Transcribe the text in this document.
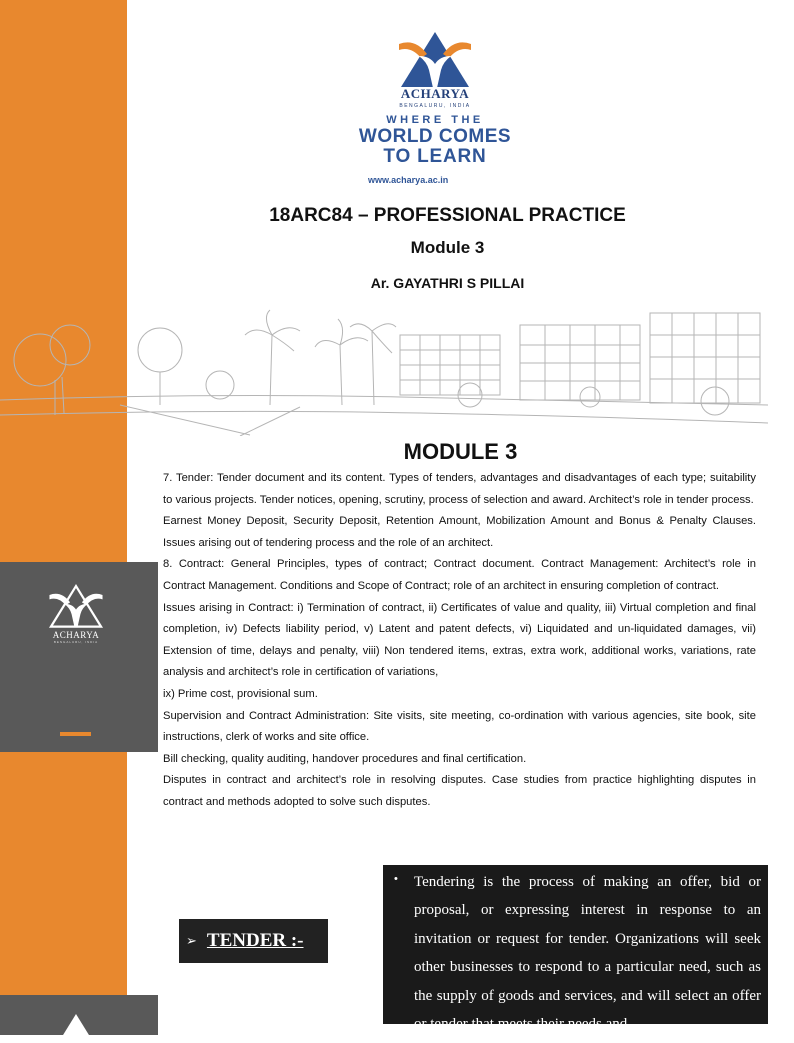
ACHARYA
BENGALURU, INDIA
WHERE THE
WORLD COMES
TO LEARN
www.acharya.ac.in
18ARC84 – PROFESSIONAL PRACTICE
Module 3
Ar. GAYATHRI S PILLAI
ACHARYA
BENGALURU, INDIA
MODULE 3

7. Tender: Tender document and its content. Types of tenders, advantages and disadvantages of each type; suitability to various projects. Tender notices, opening, scrutiny, process of selection and award. Architect’s role in tender process.

Earnest Money Deposit, Security Deposit, Retention Amount, Mobilization Amount and Bonus & Penalty Clauses. Issues arising out of tendering process and the role of an architect.

8. Contract: General Principles, types of contract; Contract document. Contract Management: Architect’s role in Contract Management. Conditions and Scope of Contract; role of an architect in ensuring completion of contract.

Issues arising in Contract: i) Termination of contract, ii) Certificates of value and quality, iii) Virtual completion and final completion, iv) Defects liability period, v) Latent and patent defects, vi) Liquidated and un-liquidated damages, vii) Extension of time, delays and penalty, viii) Non tendered items, extras, extra work, additional works, variations, rate analysis and architect’s role in certification of variations,

ix) Prime cost, provisional sum.

Supervision and Contract Administration: Site visits, site meeting, co-ordination with various agencies, site book, site instructions, clerk of works and site office.

Bill checking, quality auditing, handover procedures and final certification.

Disputes in contract and architect’s role in resolving disputes. Case studies from practice highlighting disputes in contract and methods adopted to solve such disputes.

➢ TENDER :-
• Tendering is the process of making an offer, bid or proposal, or expressing interest in response to an invitation or request for tender. Organizations will seek other businesses to respond to a particular need, such as the supply of goods and services, and will select an offer or tender that meets their needs and
